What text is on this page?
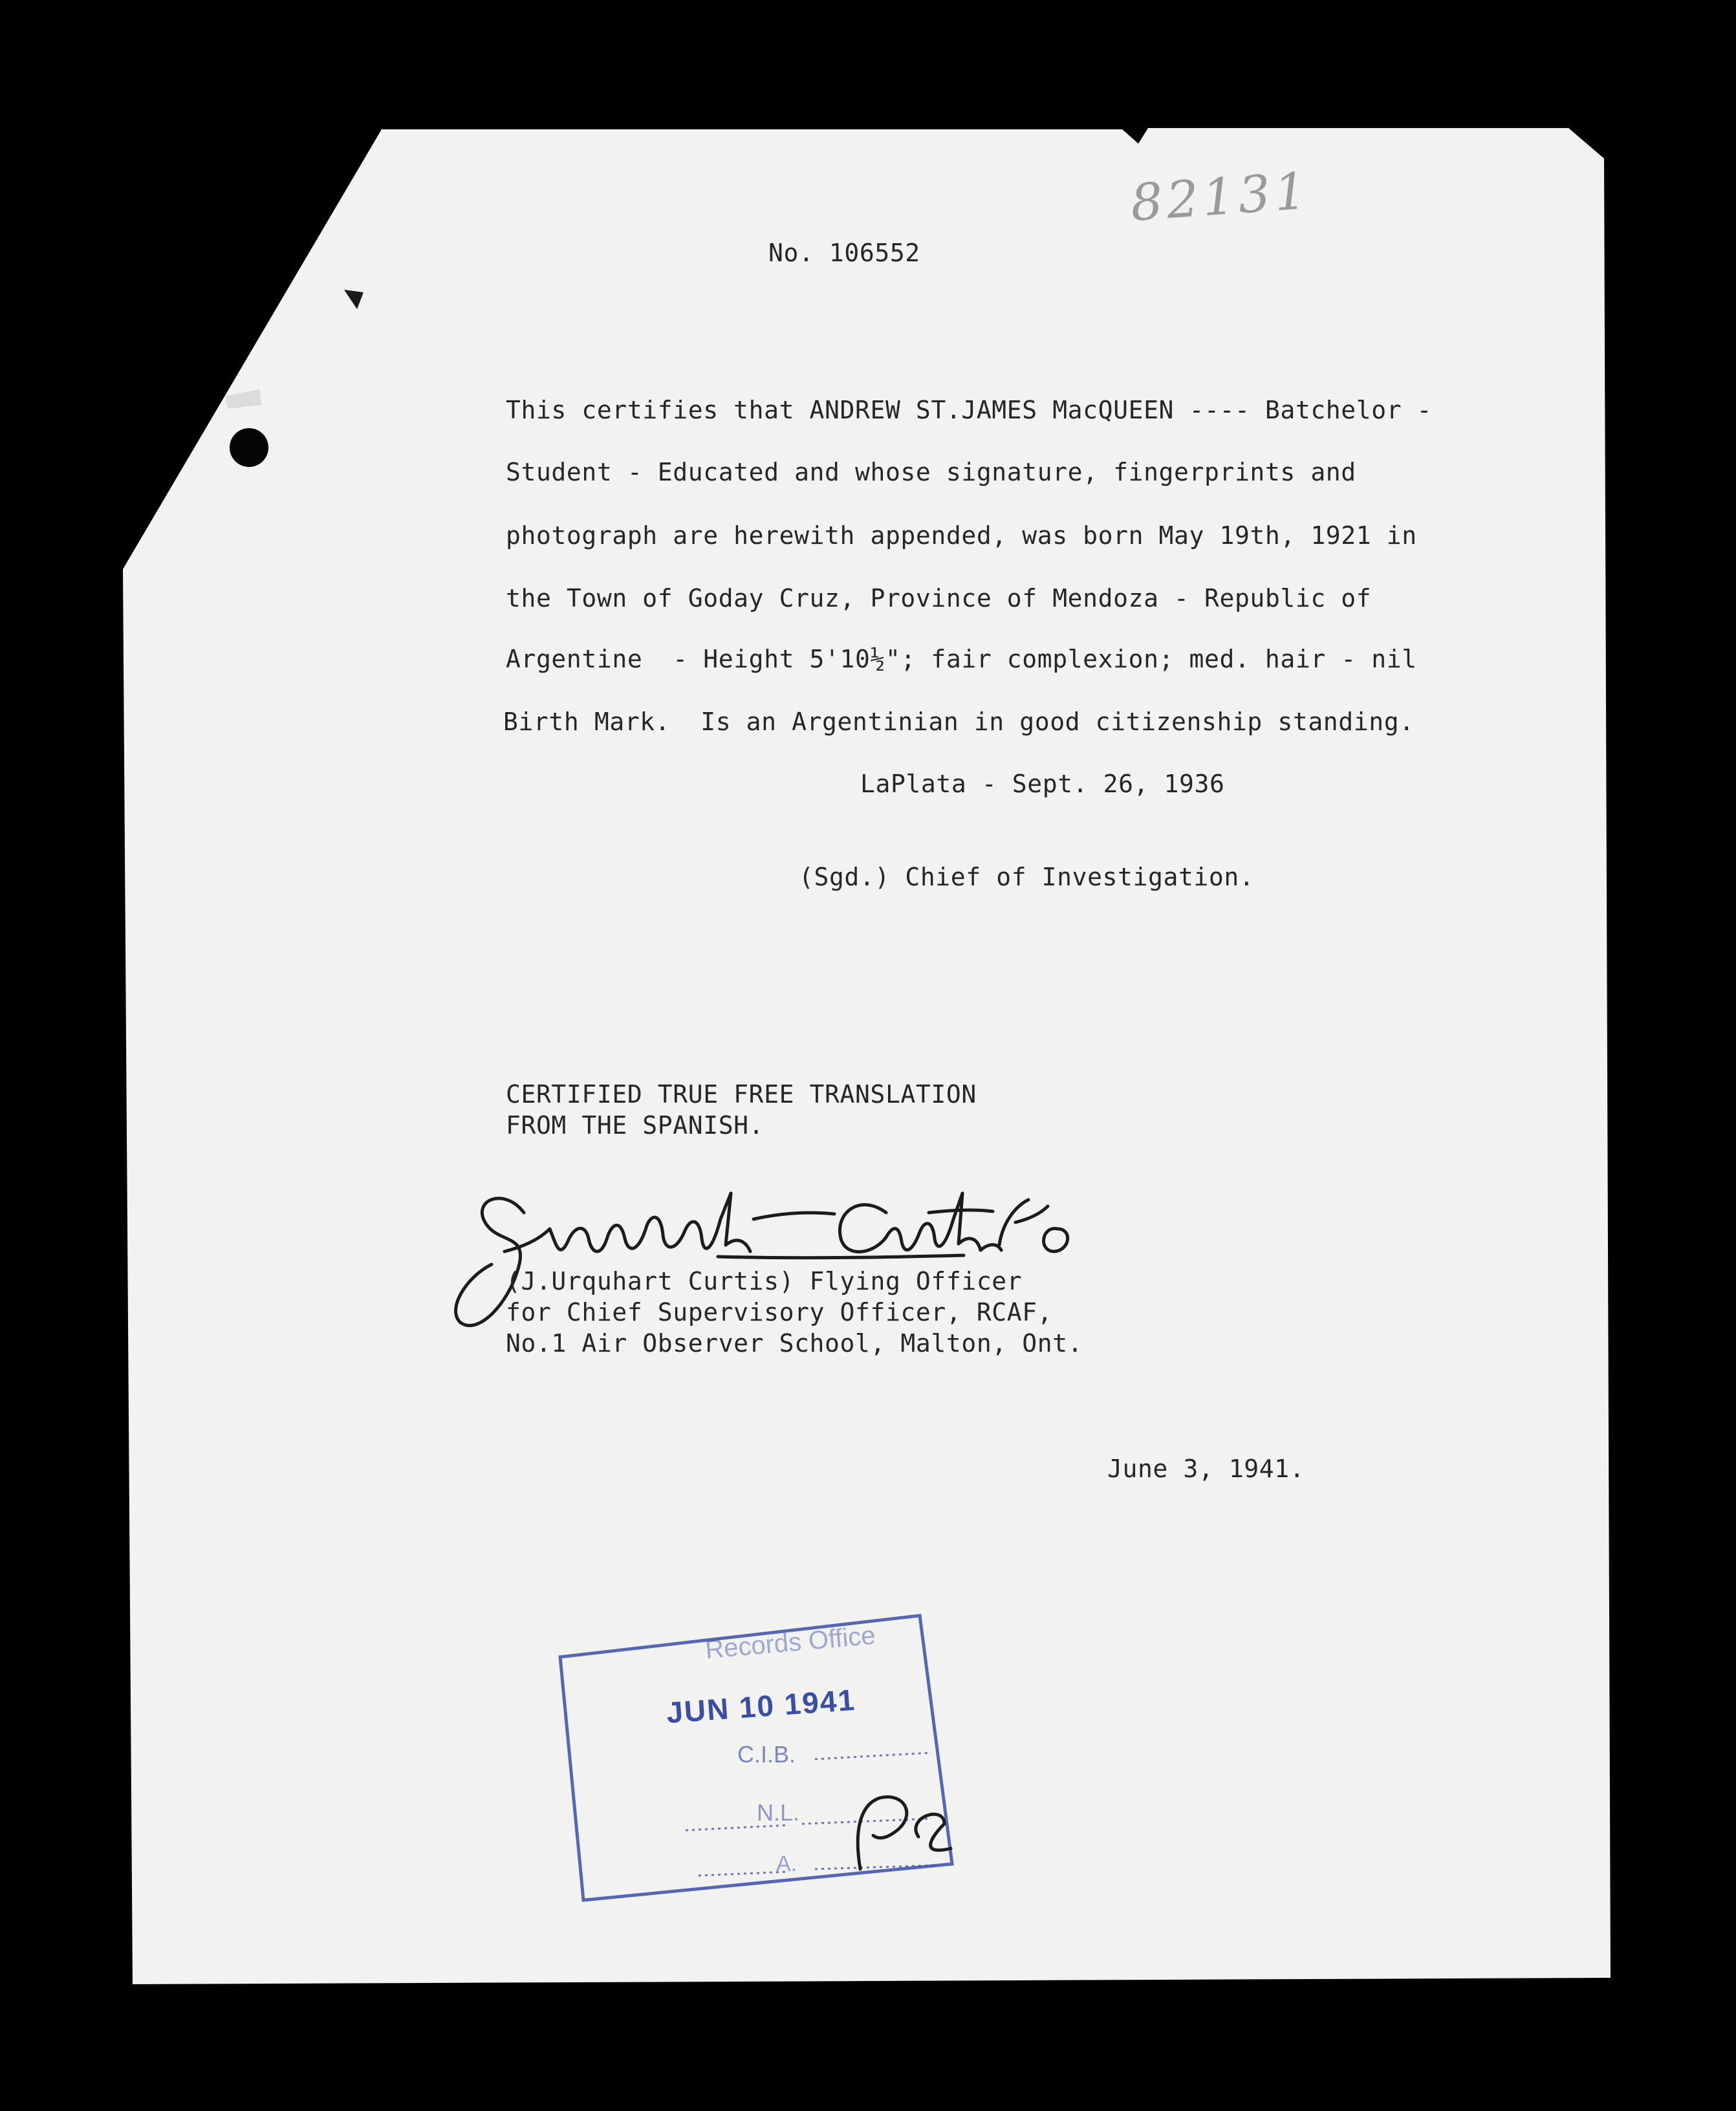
82131
No. 106552
This certifies that ANDREW ST.JAMES MacQUEEN ---- Batchelor -
Student - Educated and whose signature, fingerprints and
photograph are herewith appended, was born May 19th, 1921 in
the Town of Goday Cruz, Province of Mendoza - Republic of
Argentine  - Height 5'10½"; fair complexion; med. hair - nil
Birth Mark.  Is an Argentinian in good citizenship standing.
LaPlata - Sept. 26, 1936
(Sgd.) Chief of Investigation.
CERTIFIED TRUE FREE TRANSLATION
FROM THE SPANISH.
(J.Urquhart Curtis) Flying Officer
for Chief Supervisory Officer, RCAF,
No.1 Air Observer School, Malton, Ont.
June 3, 1941.
Records Office
JUN 10 1941
C.I.B.
N.L.
A.
